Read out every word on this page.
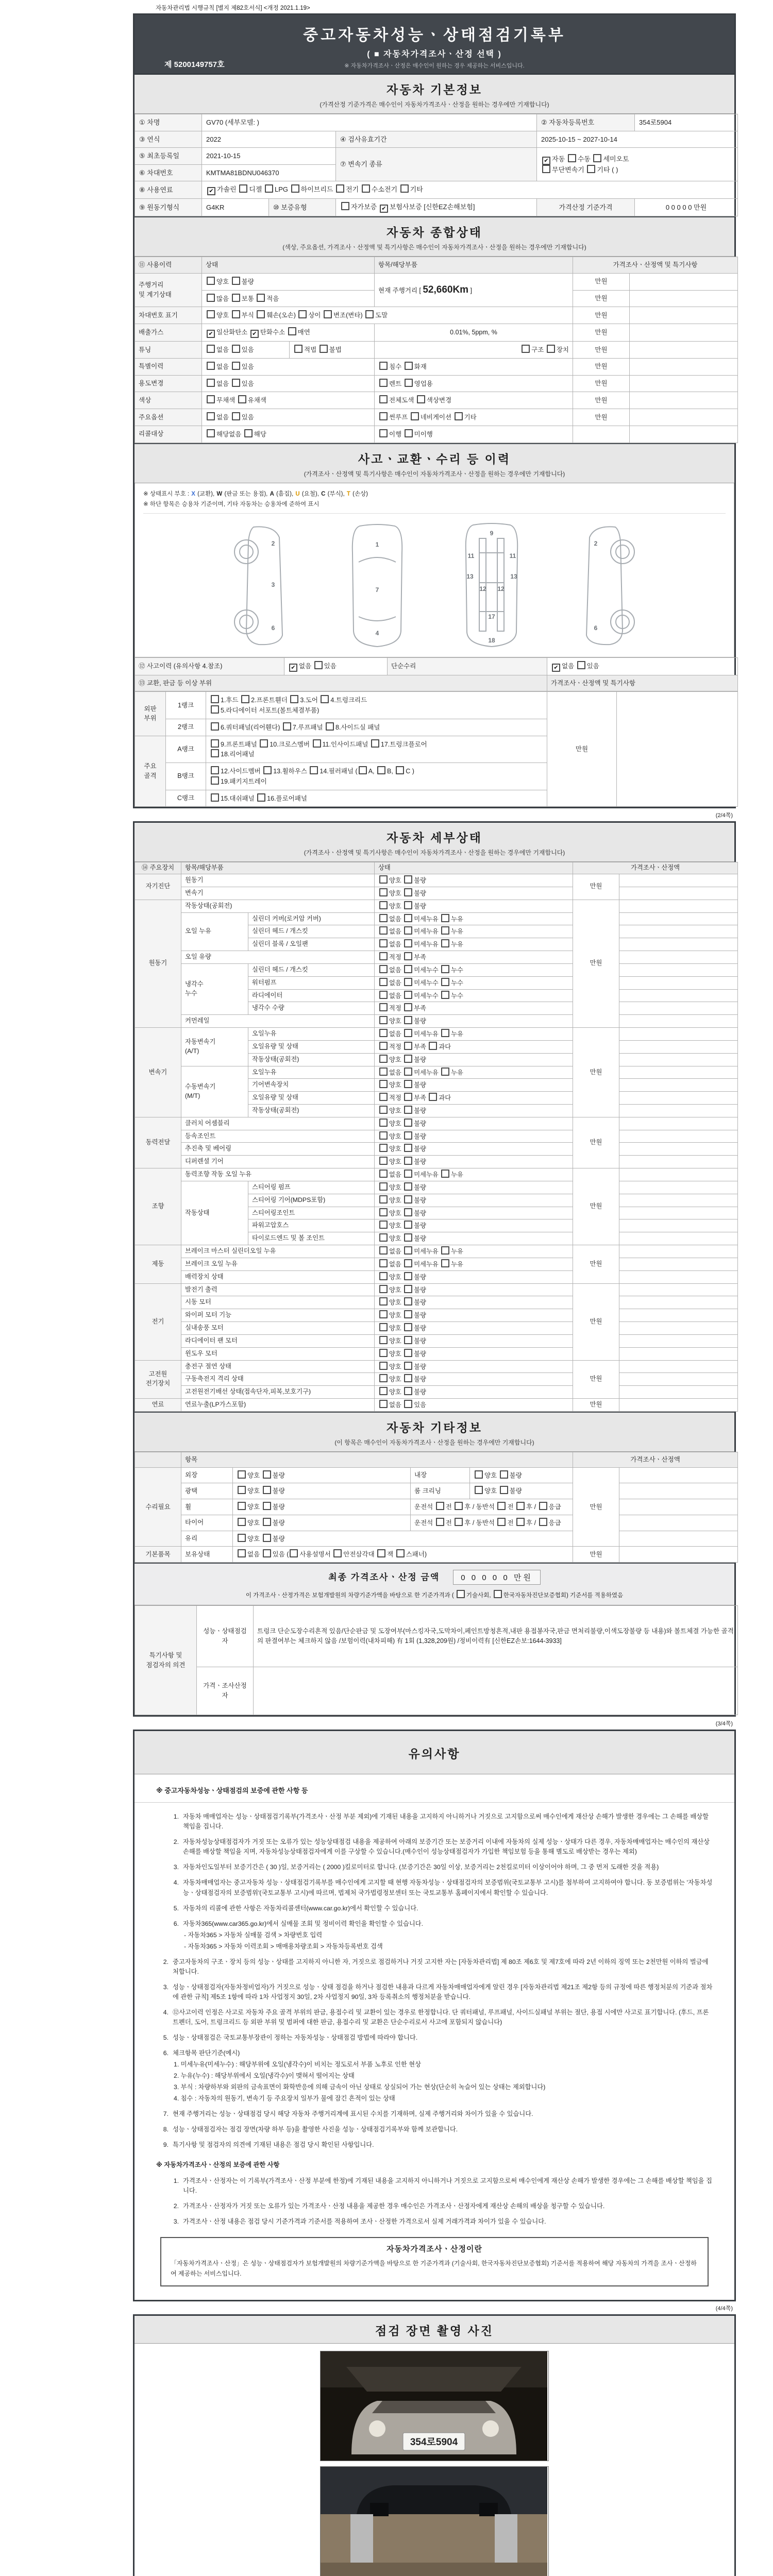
자동차관리법 시행규칙 [별지 제82호서식] <개정 2021.1.19>
제 5200149757호
중고자동차성능ㆍ상태점검기록부
( ■ 자동차가격조사ㆍ산정 선택 )
※ 자동차가격조사ㆍ산정은 매수인이 원하는 경우 제공하는 서비스입니다.
자동차 기본정보
(가격산정 기준가격은 매수인이 자동차가격조사ㆍ산정을 원하는 경우에만 기재합니다)
① 차명	GV70 (세부모델: )			② 자동차등록번호	354로5904
③ 연식	2022		④ 검사유효기간	2025-10-15 ~ 2027-10-14	
⑤ 최초등록일	2021-10-15		⑦ 변속기 종류	✔ 자동 수동 세미오토
무단변속기 기타 ( )	
⑥ 차대번호	KMTMA81BDNU046370				
⑧ 사용연료	✔ 가솔린 디젤 LPG 하이브리드 전기 수소전기 기타				
⑨ 원동기형식	G4KR	⑩ 보증유형	자가보증 ✔ 보험사보증 [신한EZ손해보험]	가격산정 기준가격	0 0 0 0 0 만원
자동차 종합상태
(색상, 주요옵션, 가격조사ㆍ산정액 및 특기사항은 매수인이 자동차가격조사ㆍ산정을 원하는 경우에만 기재합니다)
⑪ 사용이력	상태		항목/해당부품	가격조사ㆍ산정액 및 특기사항	
주행거리
및 계기상태	양호 불량		현재 주행거리 [ 52,660Km ]	만원	
	많음 보통 적음			만원	
차대번호 표기	양호 부식 훼손(오손) 상이 변조(변타) 도말			만원	
배출가스	✔ 일산화탄소 ✔ 탄화수소 매연		0.01%, 5ppm, %	만원	
튜닝	없음 있음	적법 불법	구조 장치	만원	
특별이력	없음 있음		침수 화재	만원	
용도변경	없음 있음		렌트 영업용	만원	
색상	무채색 유채색		전체도색 색상변경	만원	
주요옵션	없음 있음		썬루프 네비게이션 기타	만원	
리콜대상	해당없음 해당		이행 미이행		
사고ㆍ교환ㆍ수리 등 이력
(가격조사ㆍ산정액 및 특기사항은 매수인이 자동차가격조사ㆍ산정을 원하는 경우에만 기재합니다)
※ 상태표시 부호 : X (교환), W (판금 또는 용접), A (흠집), U (요철), C (부식), T (손상)
※ 하단 항목은 승용차 기준이며, 기타 자동차는 승용차에 준하여 표시
2
3
6
1
7
4
9
11	11
13	13
12 12
17
18
2
6
⑫ 사고이력 (유의사항 4.참조)	✔ 없음 있음	단순수리	✔ 없음 있음
⑬ 교환, 판금 등 이상 부위			가격조사ㆍ산정액 및 특기사항
외판
부위	1랭크	1.후드 2.프론트휀더 3.도어 4.트렁크리드
5.라디에이터 서포트(볼트체결부품)	만원	
	2랭크	6.쿼터패널(리어휀다) 7.루프패널 8.사이드실 패널		
주요
골격	A랭크	9.프론트패널 10.크로스멤버 11.인사이드패널 17.트렁크플로어
18.리어패널		
	B랭크	12.사이드멤버 13.휠하우스 14.필러패널 ( A, B, C )
19.패키지트레이		
	C랭크	15.대쉬패널 16.플로어패널		
(2/4쪽)
자동차 세부상태
(가격조사ㆍ산정액 및 특기사항은 매수인이 자동차가격조사ㆍ산정을 원하는 경우에만 기재합니다)
⑭ 주요장치	항목/해당부품		상태	가격조사ㆍ산정액	
자기진단	원동기		양호 불량	만원	
	변속기		양호 불량		
원동기	작동상태(공회전)		양호 불량	만원	
	오일 누유	실린더 커버(로커암 커버)	없음 미세누유 누유		
		실린더 헤드 / 개스킷	없음 미세누유 누유		
		실린더 블록 / 오일팬	없음 미세누유 누유		
	오일 유량		적정 부족		
	냉각수
누수	실린더 헤드 / 개스킷	없음 미세누수 누수		
		워터펌프	없음 미세누수 누수		
		라디에이터	없음 미세누수 누수		
		냉각수 수량	적정 부족		
	커먼레일		양호 불량		
변속기	자동변속기
(A/T)	오일누유	없음 미세누유 누유	만원	
		오일유량 및 상태	적정 부족 과다		
		작동상태(공회전)	양호 불량		
	수동변속기
(M/T)	오일누유	없음 미세누유 누유		
		기어변속장치	양호 불량		
		오일유량 및 상태	적정 부족 과다		
		작동상태(공회전)	양호 불량		
동력전달	클러치 어셈블리		양호 불량	만원	
	등속조인트		양호 불량		
	추진축 및 베어링		양호 불량		
	디퍼렌셜 기어		양호 불량		
조향	동력조향 작동 오일 누유		없음 미세누유 누유	만원	
	작동상태	스티어링 펌프	양호 불량		
		스티어링 기어(MDPS포함)	양호 불량		
		스티어링조인트	양호 불량		
		파워고압호스	양호 불량		
		타이로드엔드 및 볼 조인트	양호 불량		
제동	브레이크 마스터 실린더오일 누유		없음 미세누유 누유	만원	
	브레이크 오일 누유		없음 미세누유 누유		
	배력장치 상태		양호 불량		
전기	발전기 출력		양호 불량	만원	
	시동 모터		양호 불량		
	와이퍼 모터 기능		양호 불량		
	실내송풍 모터		양호 불량		
	라디에이터 팬 모터		양호 불량		
	윈도우 모터		양호 불량		
고전원
전기장치	충전구 절연 상태		양호 불량	만원	
	구동축전지 격리 상태		양호 불량		
	고전원전기배선 상태(접속단자,피복,보호기구)		양호 불량		
연료	연료누출(LP가스포함)		없음 있음	만원	
자동차 기타정보
(이 항목은 매수인이 자동차가격조사ㆍ산정을 원하는 경우에만 기재합니다)
	항목				가격조사ㆍ산정액	
수리필요	외장	양호 불량	내장	양호 불량	만원	
	광택	양호 불량	룸 크리닝	양호 불량		
	휠	양호 불량	운전석 전 후 / 동반석 전 후 / 응급			
	타이어	양호 불량	운전석 전 후 / 동반석 전 후 / 응급			
	유리	양호 불량				
기본품목	보유상태	없음 있음 ( 사용설명서 안전삼각대 잭 스패너)			만원	
최종 가격조사ㆍ산정 금액	0 0 0 0 0 만원
이 가격조사ㆍ산정가격은 보험개발원의 차량기준가액을 바탕으로 한 기준가격과 ( 기술사회, 한국자동차진단보증협회) 기준서를 적용하였음
특기사항 및
점검자의 의견	성능ㆍ상태점검
자	트렁크 단순도장수리흔적 있음/단순판금 및 도장여부(마스킹자국,도막차이,페인트방청흔적,내판 용접봉자국,판금 면처리불량,이색도장불량 등 내용)와 볼트체결 가능한 골격의 판결여부는 체크하지 않음 /보험이력(내차피해) 有 1회 (1,328,209원) /정비이력有 [신한EZ손보:1644-3933]
	가격ㆍ조사산정
자	
(3/4쪽)
유의사항
※ 중고자동차성능ㆍ상태점검의 보증에 관한 사항 등
1. 자동차 매매업자는 성능ㆍ상태점검기록부(가격조사ㆍ산정 부분 제외)에 기재된 내용을 고지하지 아니하거나 거짓으로 고지함으로써 매수인에게 재산상 손해가 발생한 경우에는 그 손해를 배상할 책임을 집니다.
2. 자동차성능상태점검자가 거짓 또는 오류가 있는 성능상태점검 내용을 제공하여 아래의 보증기간 또는 보증거리 이내에 자동차의 실제 성능ㆍ상태가 다른 경우, 자동차매매업자는 매수인의 재산상 손해를 배상할 책임을 지며, 자동차성능상태점검자에게 이를 구상할 수 있습니다.(매수인이 성능상태점검자가 가입한 책임보험 등을 통해 별도로 배상받는 경우는 제외)
3. 자동차인도일부터 보증기간은 ( 30 )일, 보증거리는 ( 2000 )킬로미터로 합니다. (보증기간은 30일 이상, 보증거리는 2천킬로미터 이상이어야 하며, 그 중 먼저 도래한 것을 적용)
4. 자동차매매업자는 중고자동차 성능ㆍ상태점검기록부를 매수인에게 고지할 때 현행 자동차성능ㆍ상태점검자의 보증범위(국토교통부 고시)를 첨부하여 고지하여야 합니다. 동 보증범위는 '자동차성능ㆍ상태점검자의 보증범위'(국토교통부 고시)에 따르며, 법제처 국가법령정보센터 또는 국토교통부 홈페이지에서 확인할 수 있습니다.
5. 자동차의 리콜에 관한 사항은 자동차리콜센터(www.car.go.kr)에서 확인할 수 있습니다.
6. 자동차365(www.car365.go.kr)에서 실매물 조회 및 정비이력 확인을 확인할 수 있습니다.
- 자동차365 > 자동차 실매물 검색 > 차량번호 입력
- 자동차365 > 자동차 이력조회 > 매매용차량조회 > 자동차등록번호 검색
2. 중고자동차의 구조ㆍ장치 등의 성능ㆍ상태를 고지하지 아니한 자, 거짓으로 점검하거나 거짓 고지한 자는 [자동차관리법] 제 80조 제6호 및 제7호에 따라 2년 이하의 징역 또는 2천만원 이하의 벌금에 처합니다.
3. 성능ㆍ상태점검자(자동차정비업자)가 거짓으로 성능ㆍ상태 점검을 하거나 점검한 내용과 다르게 자동차매매업자에게 알린 경우 [자동차관리법 제21조 제2항 등의 규정에 따른 행정처분의 기준과 절차에 관한 규칙] 제5조 1항에 따라 1차 사업정지 30일, 2차 사업정지 90일, 3차 등록취소의 행정처분을 받습니다.
4. ⑫사고이력 인정은 사고로 자동차 주요 골격 부위의 판금, 용접수리 및 교환이 있는 경우로 한정합니다. 단 쿼터패널, 루프패널, 사이드실패널 부위는 절단, 용접 시에만 사고로 표기합니다. (후드, 프론트펜더, 도어, 트렁크리드 등 외판 부위 및 범퍼에 대한 판금, 용접수리 및 교환은 단순수리로서 사고에 포함되지 않습니다)
5. 성능ㆍ상태점검은 국토교통부장관이 정하는 자동차성능ㆍ상태점검 방법에 따라야 합니다.
6. 체크항목 판단기준(예시)
1. 미세누유(미세누수) : 해당부위에 오일(냉각수)이 비치는 정도로서 부품 노후로 인한 현상
2. 누유(누수) : 해당부위에서 오일(냉각수)이 맺혀서 떨어지는 상태
3. 부식 : 차량하부와 외판의 금속표면이 화학반응에 의해 금속이 아닌 상태로 상실되어 가는 현상(단순히 녹슬어 있는 상태는 제외합니다)
4. 침수 : 자동차의 원동기, 변속기 등 주요장치 일부가 물에 잠긴 흔적이 있는 상태
7. 현재 주행거리는 성능ㆍ상태점검 당시 해당 자동차 주행거리계에 표시된 수치를 기재하며, 실제 주행거리와 차이가 있을 수 있습니다.
8. 성능ㆍ상태점검자는 점검 장면(차량 하부 등)을 촬영한 사진을 성능ㆍ상태점검기록부와 함께 보관합니다.
9. 특기사항 및 점검자의 의견에 기재된 내용은 점검 당시 확인된 사항입니다.
※ 자동차가격조사ㆍ산정의 보증에 관한 사항
1. 가격조사ㆍ산정자는 이 기록부(가격조사ㆍ산정 부분에 한정)에 기재된 내용을 고지하지 아니하거나 거짓으로 고지함으로써 매수인에게 재산상 손해가 발생한 경우에는 그 손해를 배상할 책임을 집니다.
2. 가격조사ㆍ산정자가 거짓 또는 오류가 있는 가격조사ㆍ산정 내용을 제공한 경우 매수인은 가격조사ㆍ산정자에게 재산상 손해의 배상을 청구할 수 있습니다.
3. 가격조사ㆍ산정 내용은 점검 당시 기준가격과 기준서를 적용하여 조사ㆍ산정한 가격으로서 실제 거래가격과 차이가 있을 수 있습니다.
자동차가격조사ㆍ산정이란
「자동차가격조사ㆍ산정」은 성능ㆍ상태점검자가 보험개발원의 차량기준가액을 바탕으로 한 기준가격과 (기술사회, 한국자동차진단보증협회) 기준서를 적용하여 해당 자동차의 가격을 조사ㆍ산정하여 제공하는 서비스입니다.
(4/4쪽)
점검 장면 촬영 사진
354로5904
